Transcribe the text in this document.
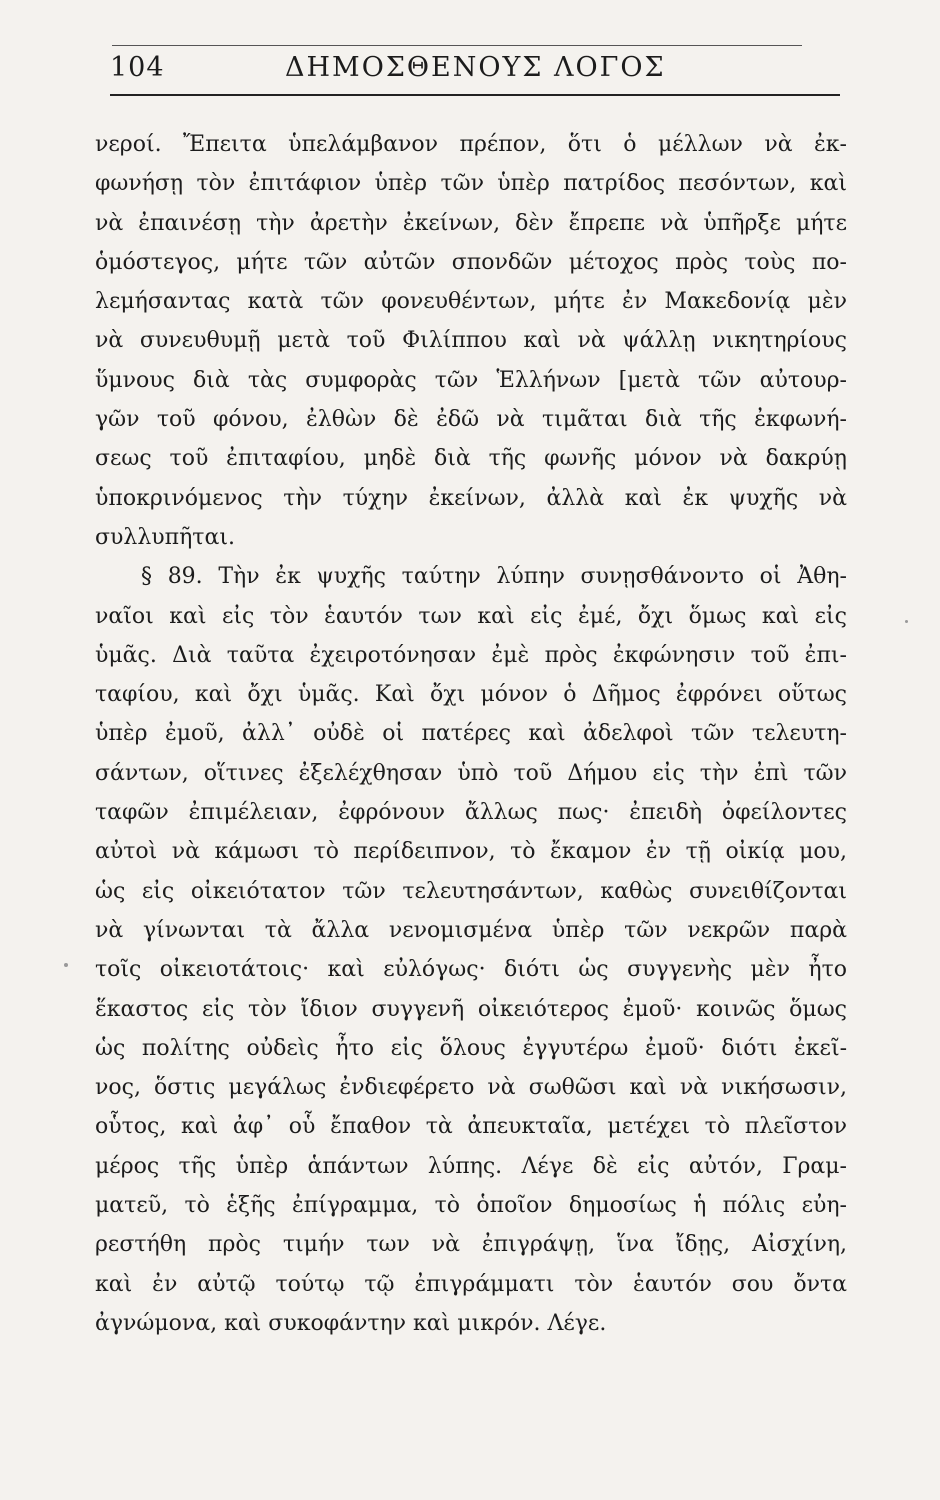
104	ΔΗΜΟΣΘΕΝΟΥΣ ΛΟΓΟΣ
νεροί. Ἔπειτα ὑπελάμβανον πρέπον, ὅτι ὁ μέλλων νὰ ἐκ-
φωνήσῃ τὸν ἐπιτάφιον ὑπὲρ τῶν ὑπὲρ πατρίδος πεσόντων, καὶ
νὰ ἐπαινέσῃ τὴν ἀρετὴν ἐκείνων, δὲν ἔπρεπε νὰ ὑπῆρξε μήτε
ὁμόστεγος, μήτε τῶν αὐτῶν σπονδῶν μέτοχος πρὸς τοὺς πο-
λεμήσαντας κατὰ τῶν φονευθέντων, μήτε ἐν Μακεδονίᾳ μὲν
νὰ συνευθυμῇ μετὰ τοῦ Φιλίππου καὶ νὰ ψάλλῃ νικητηρίους
ὕμνους διὰ τὰς συμφορὰς τῶν Ἑλλήνων [μετὰ τῶν αὐτουρ-
γῶν τοῦ φόνου, ἐλθὼν δὲ ἐδῶ νὰ τιμᾶται διὰ τῆς ἐκφωνή-
σεως τοῦ ἐπιταφίου, μηδὲ διὰ τῆς φωνῆς μόνον νὰ δακρύῃ
ὑποκρινόμενος τὴν τύχην ἐκείνων, ἀλλὰ καὶ ἐκ ψυχῆς νὰ
συλλυπῆται.
§ 89. Τὴν ἐκ ψυχῆς ταύτην λύπην συνῃσθάνοντο οἱ Ἀθη-
ναῖοι καὶ εἰς τὸν ἑαυτόν των καὶ εἰς ἐμέ, ὄχι ὅμως καὶ εἰς
ὑμᾶς. Διὰ ταῦτα ἐχειροτόνησαν ἐμὲ πρὸς ἐκφώνησιν τοῦ ἐπι-
ταφίου, καὶ ὄχι ὑμᾶς. Καὶ ὄχι μόνον ὁ Δῆμος ἐφρόνει οὕτως
ὑπὲρ ἐμοῦ, ἀλλ᾽ οὐδὲ οἱ πατέρες καὶ ἀδελφοὶ τῶν τελευτη-
σάντων, οἵτινες ἐξελέχθησαν ὑπὸ τοῦ Δήμου εἰς τὴν ἐπὶ τῶν
ταφῶν ἐπιμέλειαν, ἐφρόνουν ἄλλως πως· ἐπειδὴ ὀφείλοντες
αὐτοὶ νὰ κάμωσι τὸ περίδειπνον, τὸ ἔκαμον ἐν τῇ οἰκίᾳ μου,
ὡς εἰς οἰκειότατον τῶν τελευτησάντων, καθὼς συνειθίζονται
νὰ γίνωνται τὰ ἄλλα νενομισμένα ὑπὲρ τῶν νεκρῶν παρὰ
τοῖς οἰκειοτάτοις· καὶ εὐλόγως· διότι ὡς συγγενὴς μὲν ἦτο
ἕκαστος εἰς τὸν ἴδιον συγγενῆ οἰκειότερος ἐμοῦ· κοινῶς ὅμως
ὡς πολίτης οὐδεὶς ἦτο εἰς ὅλους ἐγγυτέρω ἐμοῦ· διότι ἐκεῖ-
νος, ὅστις μεγάλως ἐνδιεφέρετο νὰ σωθῶσι καὶ νὰ νικήσωσιν,
οὗτος, καὶ ἀφ᾽ οὗ ἔπαθον τὰ ἀπευκταῖα, μετέχει τὸ πλεῖστον
μέρος τῆς ὑπὲρ ἁπάντων λύπης. Λέγε δὲ εἰς αὐτόν, Γραμ-
ματεῦ, τὸ ἑξῆς ἐπίγραμμα, τὸ ὁποῖον δημοσίως ἡ πόλις εὐη-
ρεστήθη πρὸς τιμήν των νὰ ἐπιγράψῃ, ἵνα ἴδῃς, Αἰσχίνη,
καὶ ἐν αὐτῷ τούτῳ τῷ ἐπιγράμματι τὸν ἑαυτόν σου ὄντα
ἀγνώμονα, καὶ συκοφάντην καὶ μικρόν. Λέγε.
